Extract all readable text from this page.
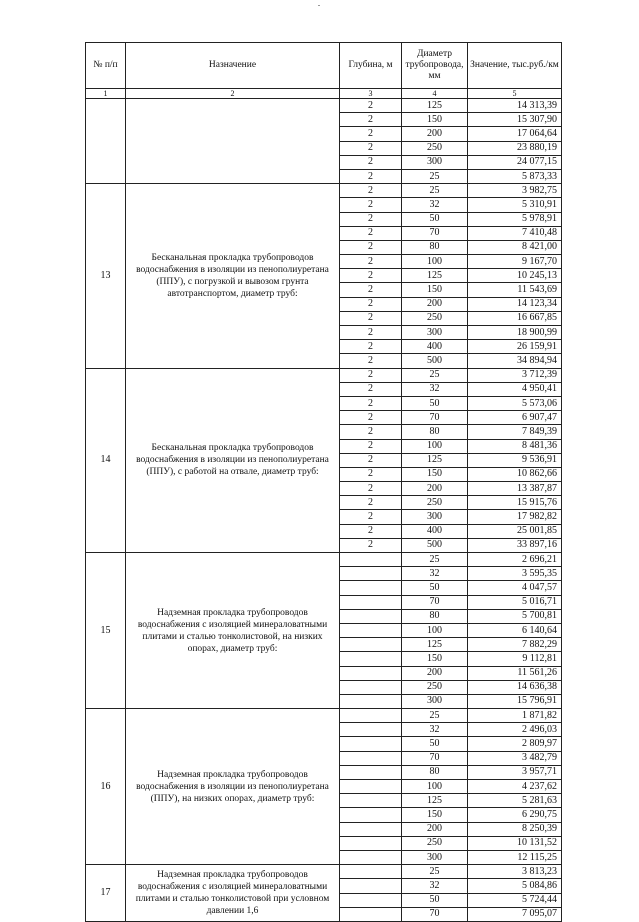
№ п/п	Назначение	Глубина, м	Диаметр трубопровода, мм	Значение, тыс.руб./км
1	2	3	4	5
		2	125	14 313,39
		2	150	15 307,90
		2	200	17 064,64
		2	250	23 880,19
		2	300	24 077,15
		2	25	5 873,33
13	Бесканальная прокладка трубопроводов водоснабжения в изоляции из пенополиуретана (ППУ), с погрузкой и вывозом грунта автотранспортом, диаметр труб:	2	25	3 982,75
		2	32	5 310,91
		2	50	5 978,91
		2	70	7 410,48
		2	80	8 421,00
		2	100	9 167,70
		2	125	10 245,13
		2	150	11 543,69
		2	200	14 123,34
		2	250	16 667,85
		2	300	18 900,99
		2	400	26 159,91
		2	500	34 894,94
14	Бесканальная прокладка трубопроводов водоснабжения в изоляции из пенополиуретана (ППУ), с работой на отвале, диаметр труб:	2	25	3 712,39
		2	32	4 950,41
		2	50	5 573,06
		2	70	6 907,47
		2	80	7 849,39
		2	100	8 481,36
		2	125	9 536,91
		2	150	10 862,66
		2	200	13 387,87
		2	250	15 915,76
		2	300	17 982,82
		2	400	25 001,85
		2	500	33 897,16
15	Надземная прокладка трубопроводов водоснабжения с изоляцией минераловатными плитами и сталью тонколистовой, на низких опорах, диаметр труб:		25	2 696,21
			32	3 595,35
			50	4 047,57
			70	5 016,71
			80	5 700,81
			100	6 140,64
			125	7 882,29
			150	9 112,81
			200	11 561,26
			250	14 636,38
			300	15 796,91
16	Надземная прокладка трубопроводов водоснабжения в изоляции из пенополиуретана (ППУ), на низких опорах, диаметр труб:		25	1 871,82
			32	2 496,03
			50	2 809,97
			70	3 482,79
			80	3 957,71
			100	4 237,62
			125	5 281,63
			150	6 290,75
			200	8 250,39
			250	10 131,52
			300	12 115,25
17	Надземная прокладка трубопроводов водоснабжения с изоляцией минераловатными плитами и сталью тонколистовой при условном давлении 1,6		25	3 813,23
			32	5 084,86
			50	5 724,44
			70	7 095,07
